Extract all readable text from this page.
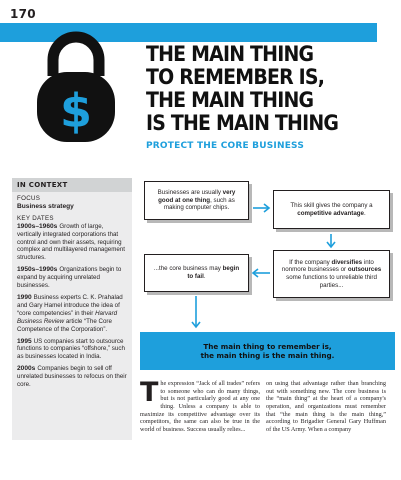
170
$
THE MAIN THING
TO REMEMBER IS,
THE MAIN THING
IS THE MAIN THING
PROTECT THE CORE BUSINESS
IN CONTEXT
FOCUS
Business strategy
KEY DATES
1900s–1960s Growth of large, vertically integrated corporations that control and own their assets, requiring complex and multilayered management structures.
1950s–1990s Organizations begin to expand by acquiring unrelated businesses.
1990 Business experts C. K. Prahalad and Gary Hamel introduce the idea of “core competencies” in their Harvard Business Review article “The Core Competence of the Corporation”.
1995 US companies start to outsource functions to companies “offshore,” such as businesses located in India.
2000s Companies begin to sell off unrelated businesses to refocus on their core.
Businesses are usually very good at one thing, such as making computer chips.	This skill gives the company a competitive advantage.
...the core business may begin to fail.
If the company diversifies into nonmore businesses or outsources some functions to unreliable third parties...
The main thing to remember is,
the main thing is the main thing.
The expression “Jack of all trades” refers to someone who can do many things, but is not particularly good at any one thing. Unless a company is able to maximize its competitive advantage over its competitors, the same can also be true in the world of business. Success usually relies...
on using that advantage rather than branching out with something new. The core business is the “main thing” at the heart of a company's operation, and organizations must remember that “the main thing is the main thing,” according to Brigadier General Gary Huffman of the US Army. When a company
